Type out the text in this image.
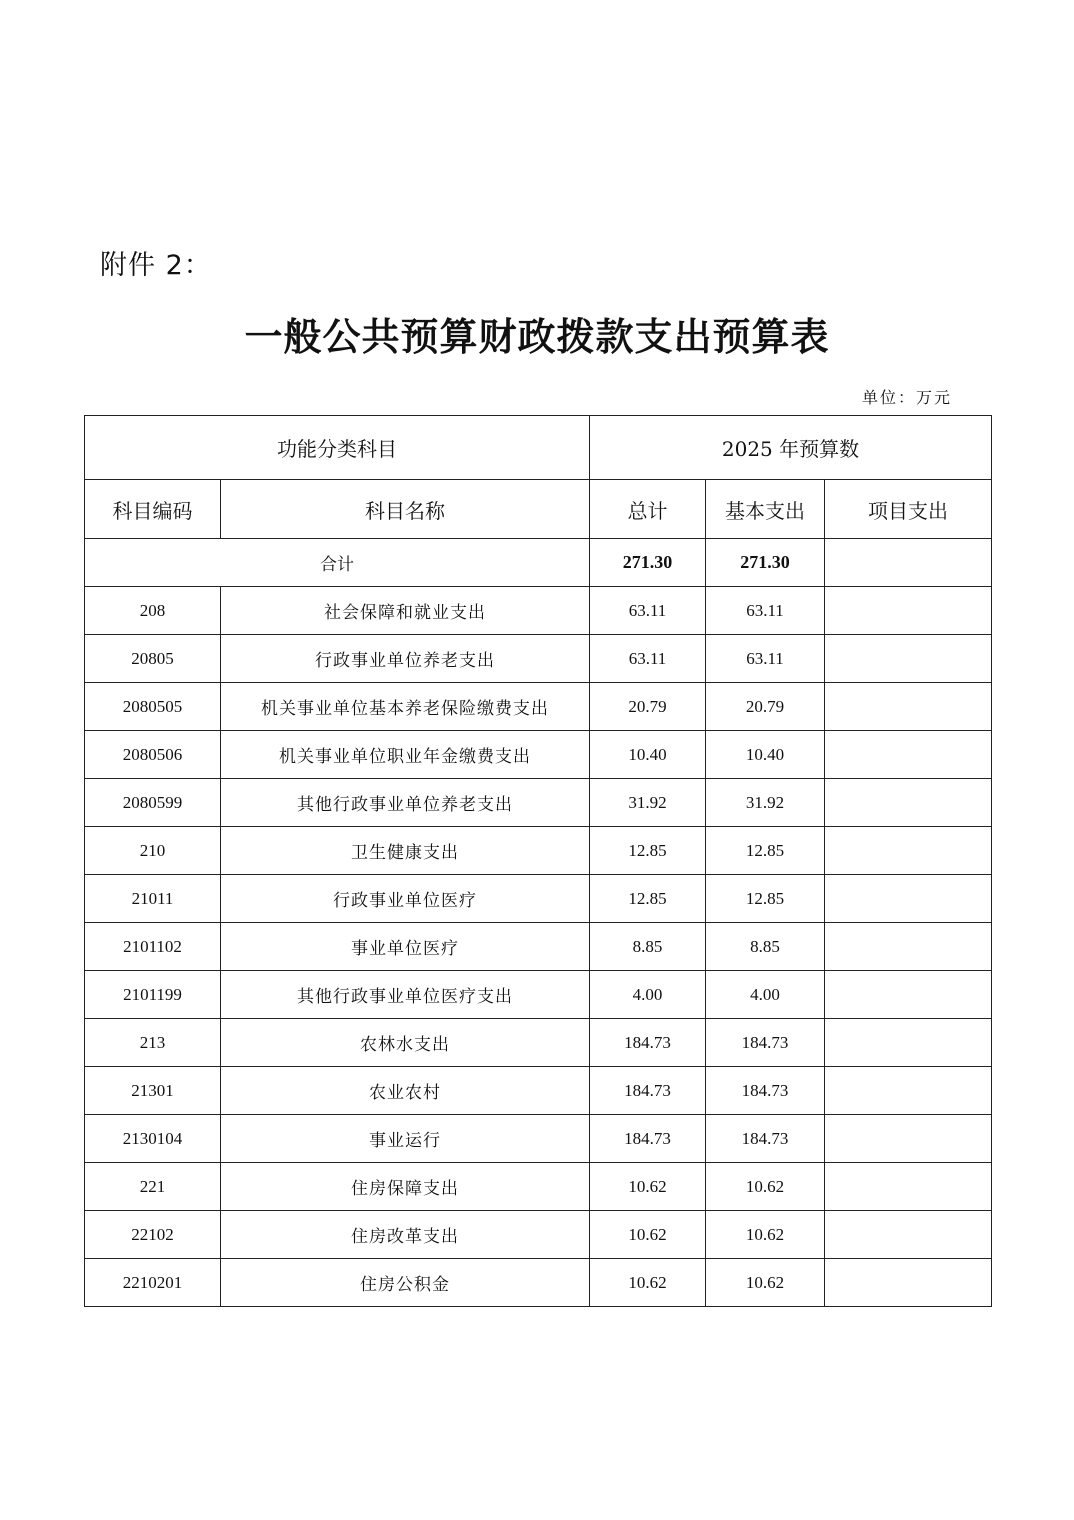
附件 2：
一般公共预算财政拨款支出预算表
单位：万元
功能分类科目		2025 年预算数		
科目编码	科目名称	总计	基本支出	项目支出
合计		271.30	271.30	
208	社会保障和就业支出	63.11	63.11	
20805	行政事业单位养老支出	63.11	63.11	
2080505	机关事业单位基本养老保险缴费支出	20.79	20.79	
2080506	机关事业单位职业年金缴费支出	10.40	10.40	
2080599	其他行政事业单位养老支出	31.92	31.92	
210	卫生健康支出	12.85	12.85	
21011	行政事业单位医疗	12.85	12.85	
2101102	事业单位医疗	8.85	8.85	
2101199	其他行政事业单位医疗支出	4.00	4.00	
213	农林水支出	184.73	184.73	
21301	农业农村	184.73	184.73	
2130104	事业运行	184.73	184.73	
221	住房保障支出	10.62	10.62	
22102	住房改革支出	10.62	10.62	
2210201	住房公积金	10.62	10.62	
